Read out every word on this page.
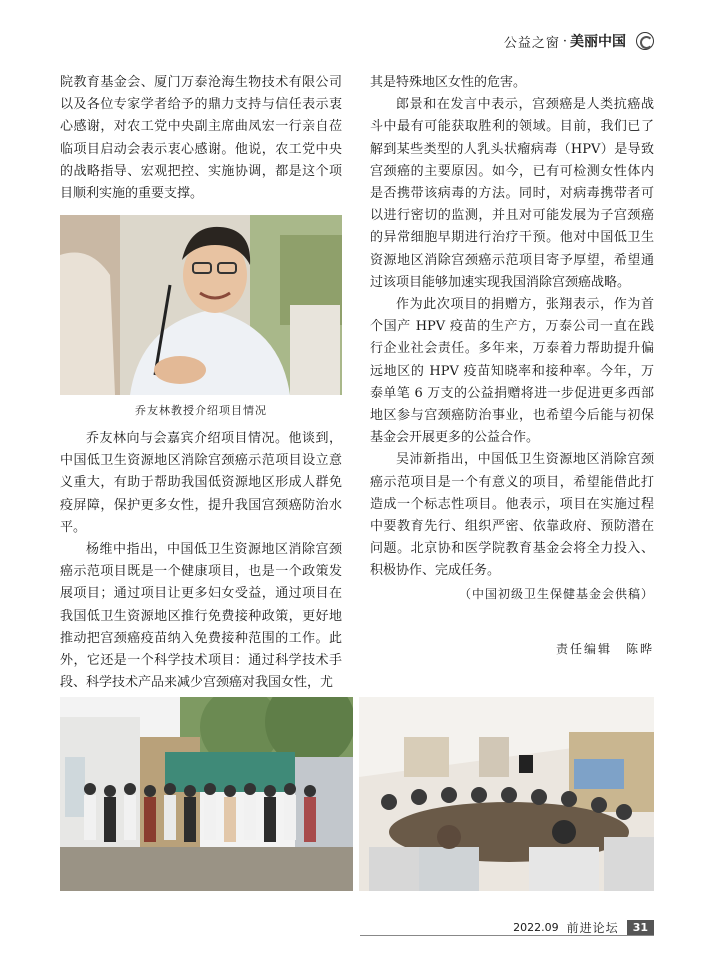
公益之窗 · 美丽中国

院教育基金会、厦门万泰沧海生物技术有限公司以及各位专家学者给予的鼎力支持与信任表示衷心感谢，对农工党中央副主席曲凤宏一行亲自莅临项目启动会表示衷心感谢。他说，农工党中央的战略指导、宏观把控、实施协调，都是这个项目顺利实施的重要支撑。

乔友林教授介绍项目情况

乔友林向与会嘉宾介绍项目情况。他谈到，中国低卫生资源地区消除宫颈癌示范项目设立意义重大，有助于帮助我国低资源地区形成人群免疫屏障，保护更多女性，提升我国宫颈癌防治水平。

杨维中指出，中国低卫生资源地区消除宫颈癌示范项目既是一个健康项目，也是一个政策发展项目；通过项目让更多妇女受益，通过项目在我国低卫生资源地区推行免费接种政策，更好地推动把宫颈癌疫苗纳入免费接种范围的工作。此外，它还是一个科学技术项目：通过科学技术手段、科学技术产品来减少宫颈癌对我国女性，尤

其是特殊地区女性的危害。

郎景和在发言中表示，宫颈癌是人类抗癌战斗中最有可能获取胜利的领域。目前，我们已了解到某些类型的人乳头状瘤病毒（HPV）是导致宫颈癌的主要原因。如今，已有可检测女性体内是否携带该病毒的方法。同时，对病毒携带者可以进行密切的监测，并且对可能发展为子宫颈癌的异常细胞早期进行治疗干预。他对中国低卫生资源地区消除宫颈癌示范项目寄予厚望，希望通过该项目能够加速实现我国消除宫颈癌战略。

作为此次项目的捐赠方，张翔表示，作为首个国产 HPV 疫苗的生产方，万泰公司一直在践行企业社会责任。多年来，万泰着力帮助提升偏远地区的 HPV 疫苗知晓率和接种率。今年，万泰单笔 6 万支的公益捐赠将进一步促进更多西部地区参与宫颈癌防治事业，也希望今后能与初保基金会开展更多的公益合作。

吴沛新指出，中国低卫生资源地区消除宫颈癌示范项目是一个有意义的项目，希望能借此打造成一个标志性项目。他表示，项目在实施过程中要教育先行、组织严密、依靠政府、预防潜在问题。北京协和医学院教育基金会将全力投入、积极协作、完成任务。

（中国初级卫生保健基金会供稿）

责任编辑　陈晔
2022.09 前进论坛	31
